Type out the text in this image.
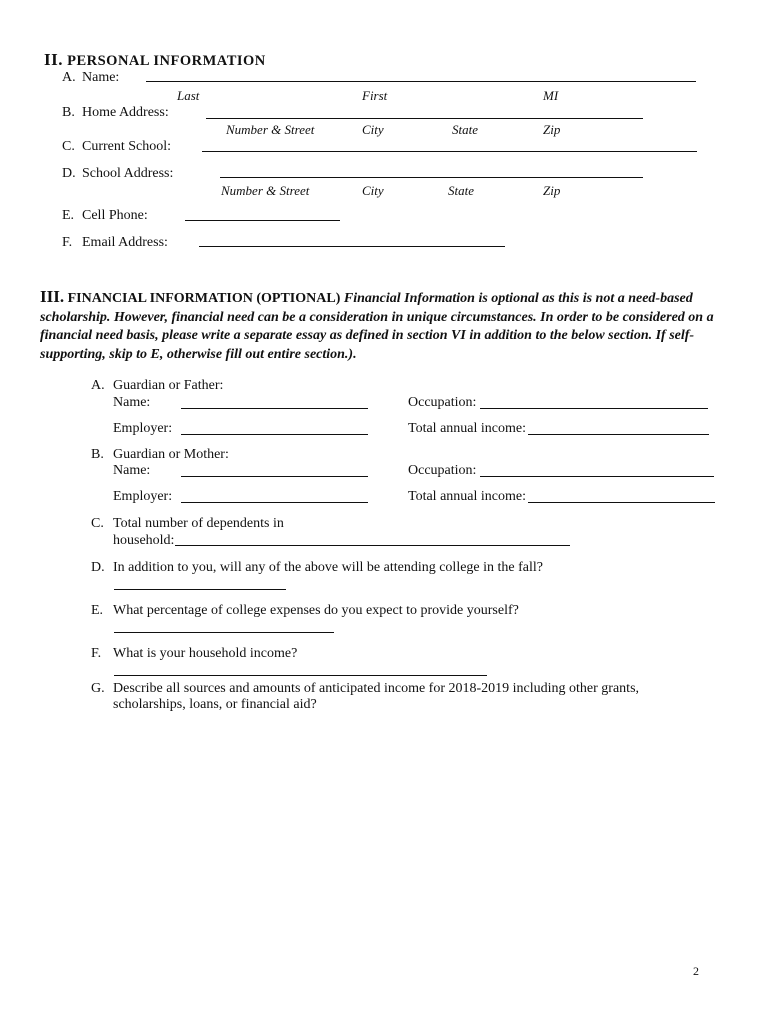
II. PERSONAL INFORMATION
A. Name:
Last	First	MI
B. Home Address:
Number & Street	City	State	Zip
C. Current School:
D. School Address:
Number & Street	City	State	Zip
E. Cell Phone:
F. Email Address:
III. FINANCIAL INFORMATION (OPTIONAL) Financial Information is optional as this is not a need-based scholarship. However, financial need can be a consideration in unique circumstances. In order to be considered on a financial need basis, please write a separate essay as defined in section VI in addition to the below section. If self-supporting, skip to E, otherwise fill out entire section.).
A. Guardian or Father:
Name:	Occupation:
Employer:	Total annual income:
B. Guardian or Mother:
Name:	Occupation:
Employer:	Total annual income:
C. Total number of dependents in
household:
D. In addition to you, will any of the above will be attending college in the fall?
E. What percentage of college expenses do you expect to provide yourself?
F. What is your household income?
G. Describe all sources and amounts of anticipated income for 2018-2019 including other grants,
scholarships, loans, or financial aid?
2
